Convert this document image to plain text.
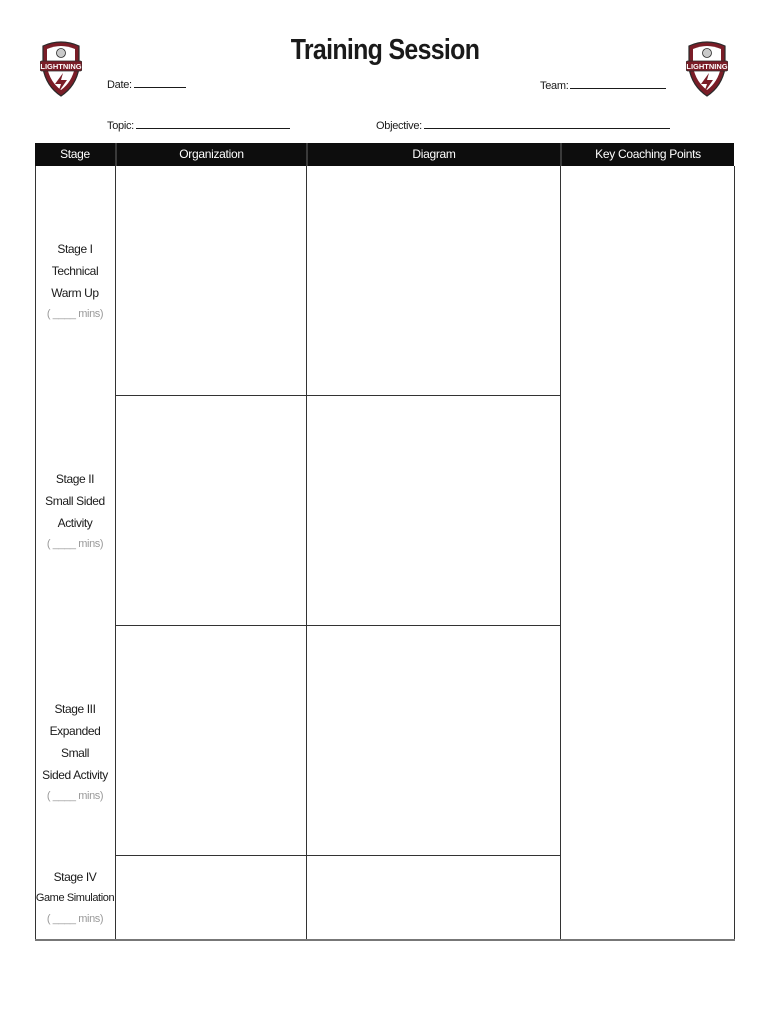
LIGHTNING	LIGHTNING
Training Session
Date:	Team:
Topic:	Objective:
Stage	Organization	Diagram	Key Coaching Points
Stage I
Technical
Warm Up
( ____ mins)
Stage II
Small Sided
Activity
( ____ mins)
Stage III
Expanded Small
Sided Activity
( ____ mins)
Stage IV
Game Simulation
( ____ mins)
